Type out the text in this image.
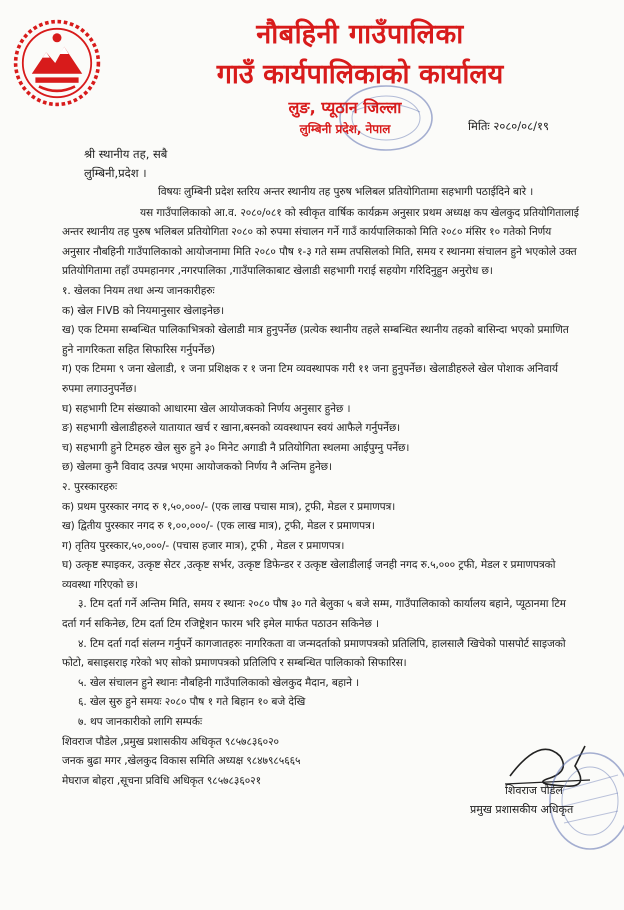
नौबहिनी गाउँपालिका
गाउँ कार्यपालिकाको कार्यालय
लुङ, प्यूठान जिल्ला
लुम्बिनी प्रदेश, नेपाल	मितिः २०८०/०८/१९
श्री स्थानीय तह, सबै
लुम्बिनी,प्रदेश ।

विषयः लुम्बिनी प्रदेश स्तरिय अन्तर स्थानीय तह पुरुष भलिबल प्रतियोगितामा सहभागी पठाईदिने बारे ।

यस गाउँपालिकाको आ.व. २०८०/०८१ को स्वीकृत वार्षिक कार्यक्रम अनुसार प्रथम अध्यक्ष कप खेलकुद प्रतियोगितालाई अन्तर स्थानीय तह पुरुष भलिबल प्रतियोगिता २०८० को रुपमा संचालन गर्ने गाउँ कार्यपालिकाको मिति २०८० मंसिर १० गतेको निर्णय अनुसार नौबहिनी गाउँपालिकाको आयोजनामा मिति २०८० पौष १-३ गते सम्म तपसिलको मिति, समय र स्थानमा संचालन हुने भएकोले उक्त प्रतियोगितामा तहाँ उपमहानगर ,नगरपालिका ,गाउँपालिकाबाट खेलाडी सहभागी गराई सहयोग गरिदिनुहुन अनुरोध छ।

१. खेलका नियम तथा अन्य जानकारीहरुः

क) खेल FIVB को नियमानुसार खेलाइनेछ।

ख) एक टिममा सम्बन्धित पालिकाभित्रको खेलाडी मात्र हुनुपर्नेछ (प्रत्येक स्थानीय तहले सम्बन्धित स्थानीय तहको बासिन्दा भएको प्रमाणित हुने नागरिकता सहित सिफारिस गर्नुपर्नेछ)

ग) एक टिममा ९ जना खेलाडी, १ जना प्रशिक्षक र १ जना टिम व्यवस्थापक गरी ११ जना हुनुपर्नेछ। खेलाडीहरुले खेल पोशाक अनिवार्य रुपमा लगाउनुपर्नेछ।

घ) सहभागी टिम संख्याको आधारमा खेल आयोजकको निर्णय अनुसार हुनेछ ।

ङ) सहभागी खेलाडीहरुले यातायात खर्च र खाना,बस्नको व्यवस्थापन स्वयं आफैले गर्नुपर्नेछ।

च) सहभागी हुने टिमहरु खेल सुरु हुने ३० मिनेट अगाडी नै प्रतियोगिता स्थलमा आईपुग्नु पर्नेछ।

छ) खेलमा कुनै विवाद उत्पन्न भएमा आयोजकको निर्णय नै अन्तिम हुनेछ।

२. पुरस्कारहरुः

क) प्रथम पुरस्कार नगद रु १,५०,०००/- (एक लाख पचास मात्र), ट्रफी, मेडल र प्रमाणपत्र।

ख) द्वितीय पुरस्कार नगद रु १,००,०००/- (एक लाख मात्र), ट्रफी, मेडल र प्रमाणपत्र।

ग) तृतिय पुरस्कार,५०,०००/- (पचास हजार मात्र), ट्रफी , मेडल र प्रमाणपत्र।

घ) उत्कृष्ट स्पाइकर, उत्कृष्ट सेटर ,उत्कृष्ट सर्भर, उत्कृष्ट डिफेन्डर र उत्कृष्ट खेलाडीलाई जनही नगद रु.५,००० ट्रफी, मेडल र प्रमाणपत्रको व्यवस्था गरिएको छ।

३. टिम दर्ता गर्ने अन्तिम मिति, समय र स्थानः २०८० पौष ३० गते बेलुका ५ बजे सम्म, गाउँपालिकाको कार्यालय बहाने, प्यूठानमा टिम दर्ता गर्न सकिनेछ, टिम दर्ता टिम रजिष्ट्रेशन फारम भरि इमेल मार्फत पठाउन सकिनेछ ।

४. टिम दर्ता गर्दा संलग्न गर्नुपर्ने कागजातहरुः नागरिकता वा जन्मदर्ताको प्रमाणपत्रको प्रतिलिपि, हालसालै खिचेको पासपोर्ट साइजको फोटो, बसाइसराइ गरेको भए सोको प्रमाणपत्रको प्रतिलिपि र सम्बन्धित पालिकाको सिफारिस।

५. खेल संचालन हुने स्थानः नौबहिनी गाउँपालिकाको खेलकुद मैदान, बहाने ।

६. खेल सुरु हुने समयः २०८० पौष १ गते बिहान १० बजे देखि

७. थप जानकारीको लागि सम्पर्कः

शिवराज पौडेल ,प्रमुख प्रशासकीय अधिकृत ९८५७८३६०२०

जनक बुढा मगर ,खेलकुद विकास समिति अध्यक्ष ९८४७९८५६६५

मेघराज बोहरा ,सूचना प्रविधि अधिकृत ९८५७८३६०२१

शिवराज पौडेल
प्रमुख प्रशासकीय अधिकृत
